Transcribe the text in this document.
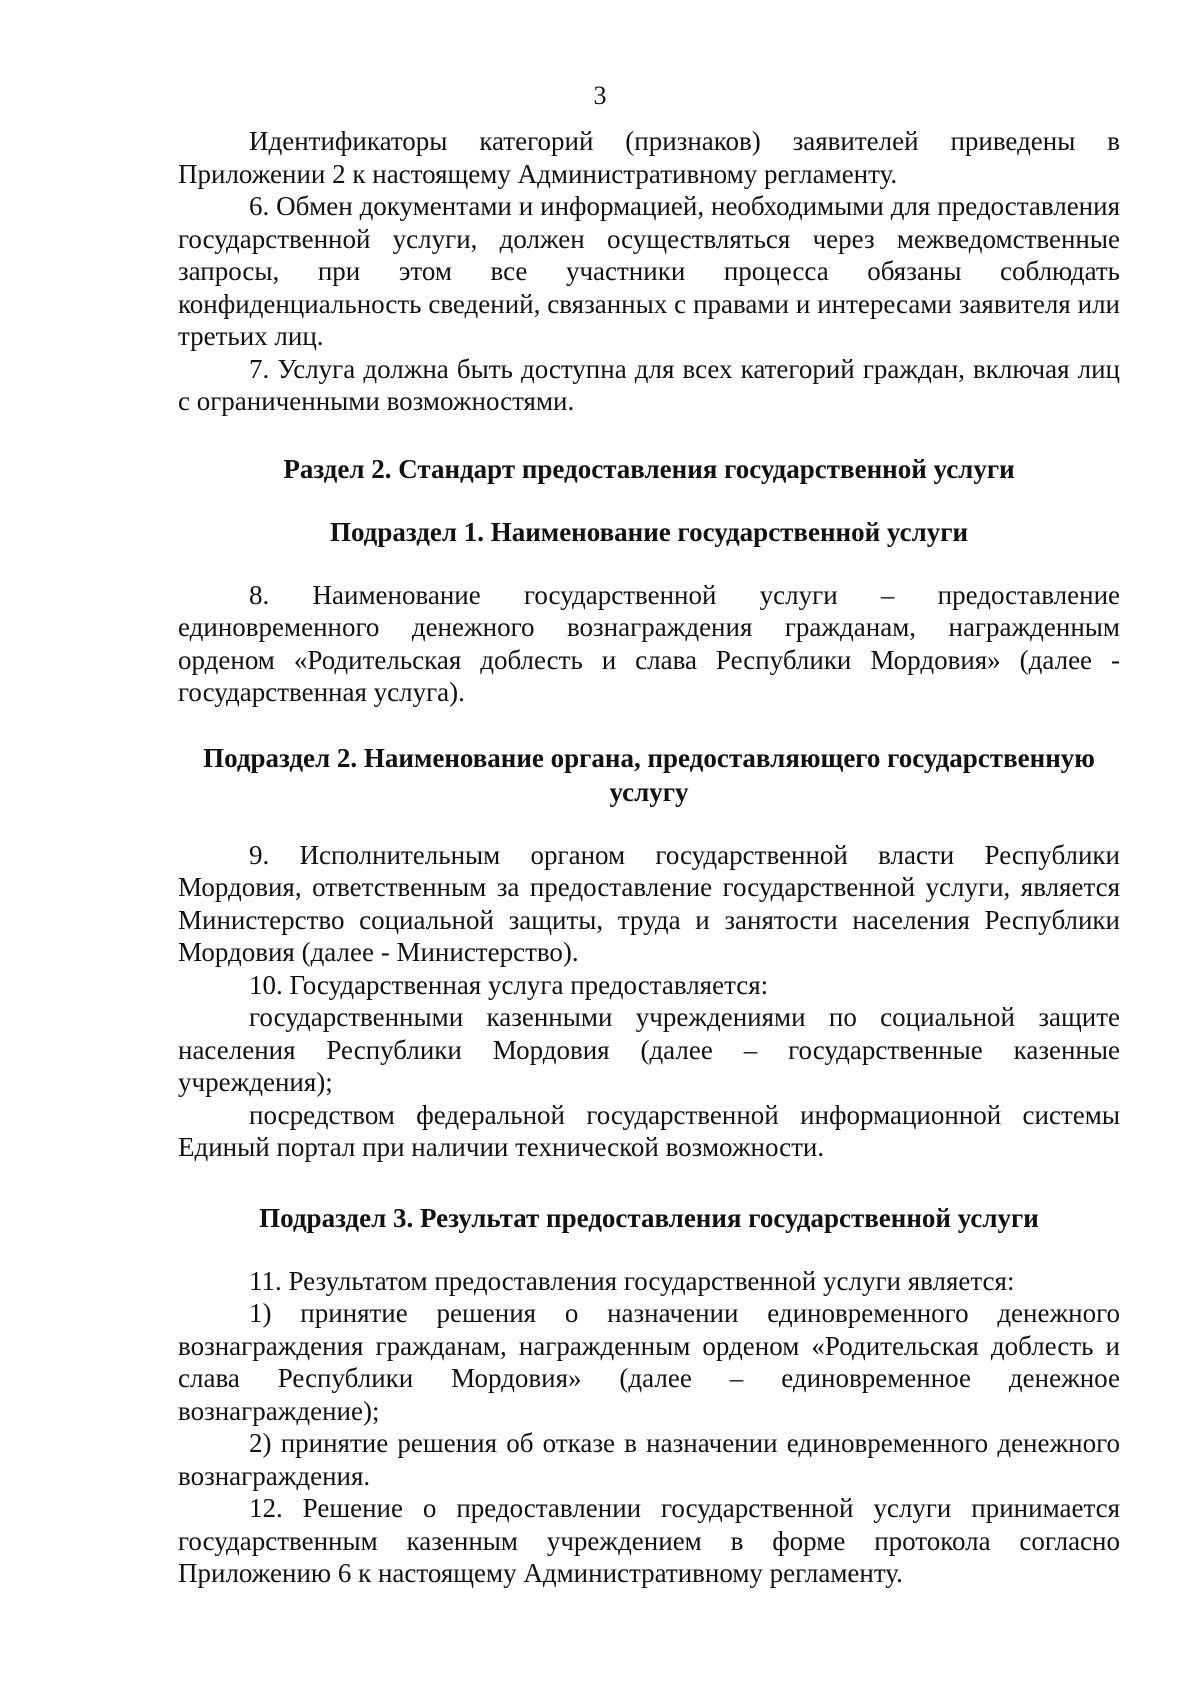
3

Идентификаторы категорий (признаков) заявителей приведены в Приложении 2 к настоящему Административному регламенту.

6. Обмен документами и информацией, необходимыми для предоставления государственной услуги, должен осуществляться через межведомственные запросы, при этом все участники процесса обязаны соблюдать конфиденциальность сведений, связанных с правами и интересами заявителя или третьих лиц.

7. Услуга должна быть доступна для всех категорий граждан, включая лиц с ограниченными возможностями.

Раздел 2. Стандарт предоставления государственной услуги
Подраздел 1. Наименование государственной услуги

8. Наименование государственной услуги – предоставление единовременного денежного вознаграждения гражданам, награжденным орденом «Родительская доблесть и слава Республики Мордовия» (далее - государственная услуга).

Подраздел 2. Наименование органа, предоставляющего государственную услугу

9. Исполнительным органом государственной власти Республики Мордовия, ответственным за предоставление государственной услуги, является Министерство социальной защиты, труда и занятости населения Республики Мордовия (далее - Министерство).

10. Государственная услуга предоставляется:

государственными казенными учреждениями по социальной защите населения Республики Мордовия (далее – государственные казенные учреждения);

посредством федеральной государственной информационной системы Единый портал при наличии технической возможности.

Подраздел 3. Результат предоставления государственной услуги

11. Результатом предоставления государственной услуги является:

1) принятие решения о назначении единовременного денежного вознаграждения гражданам, награжденным орденом «Родительская доблесть и слава Республики Мордовия» (далее – единовременное денежное вознаграждение);

2) принятие решения об отказе в назначении единовременного денежного вознаграждения.

12. Решение о предоставлении государственной услуги принимается государственным казенным учреждением в форме протокола согласно Приложению 6 к настоящему Административному регламенту.
